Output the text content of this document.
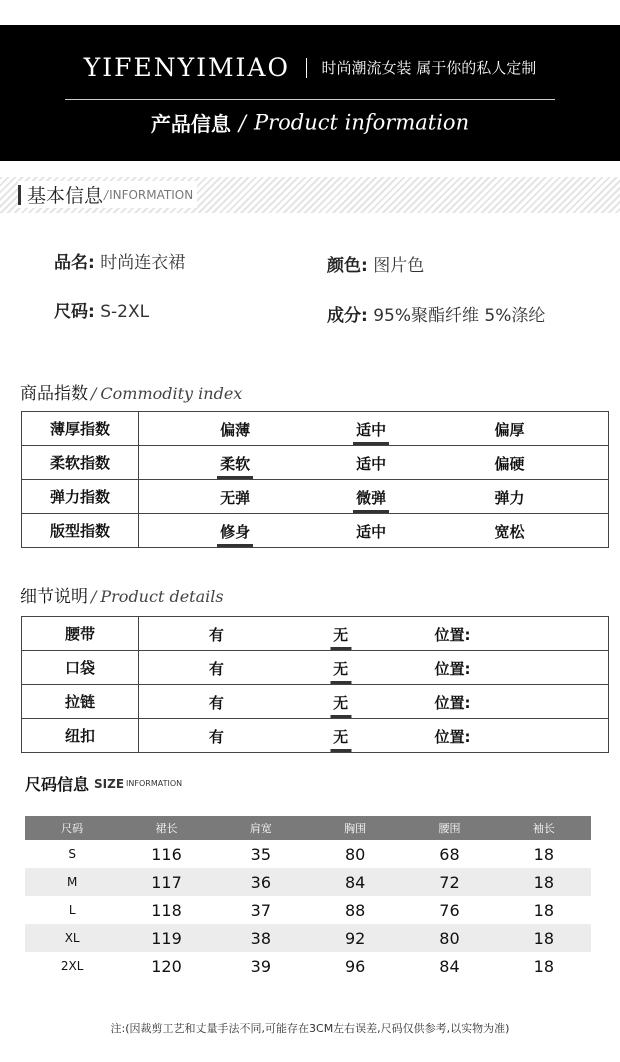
YIFENYIMIAO 时尚潮流女装 属于你的私人定制
产品信息 / Product information
基本信息/INFORMATION
品名: 时尚连衣裙	颜色: 图片色
尺码: S-2XL	成分: 95%聚酯纤维 5%涤纶
商品指数 / Commodity index
薄厚指数	偏薄 适中 偏厚

柔软指数	柔软 适中 偏硬

弹力指数	无弹 微弹 弹力

版型指数	修身 适中 宽松
细节说明 / Product details
腰带	有 无 位置:

口袋	有 无 位置:

拉链	有 无 位置:

纽扣	有 无 位置:
尺码信息 SIZE INFORMATION
尺码	裙长	肩宽	胸围	腰围	袖长
S	116	35	80	68	18
M	117	36	84	72	18
L	118	37	88	76	18
XL	119	38	92	80	18
2XL	120	39	96	84	18
注:(因裁剪工艺和丈量手法不同,可能存在3CM左右误差,尺码仅供参考,以实物为准)
